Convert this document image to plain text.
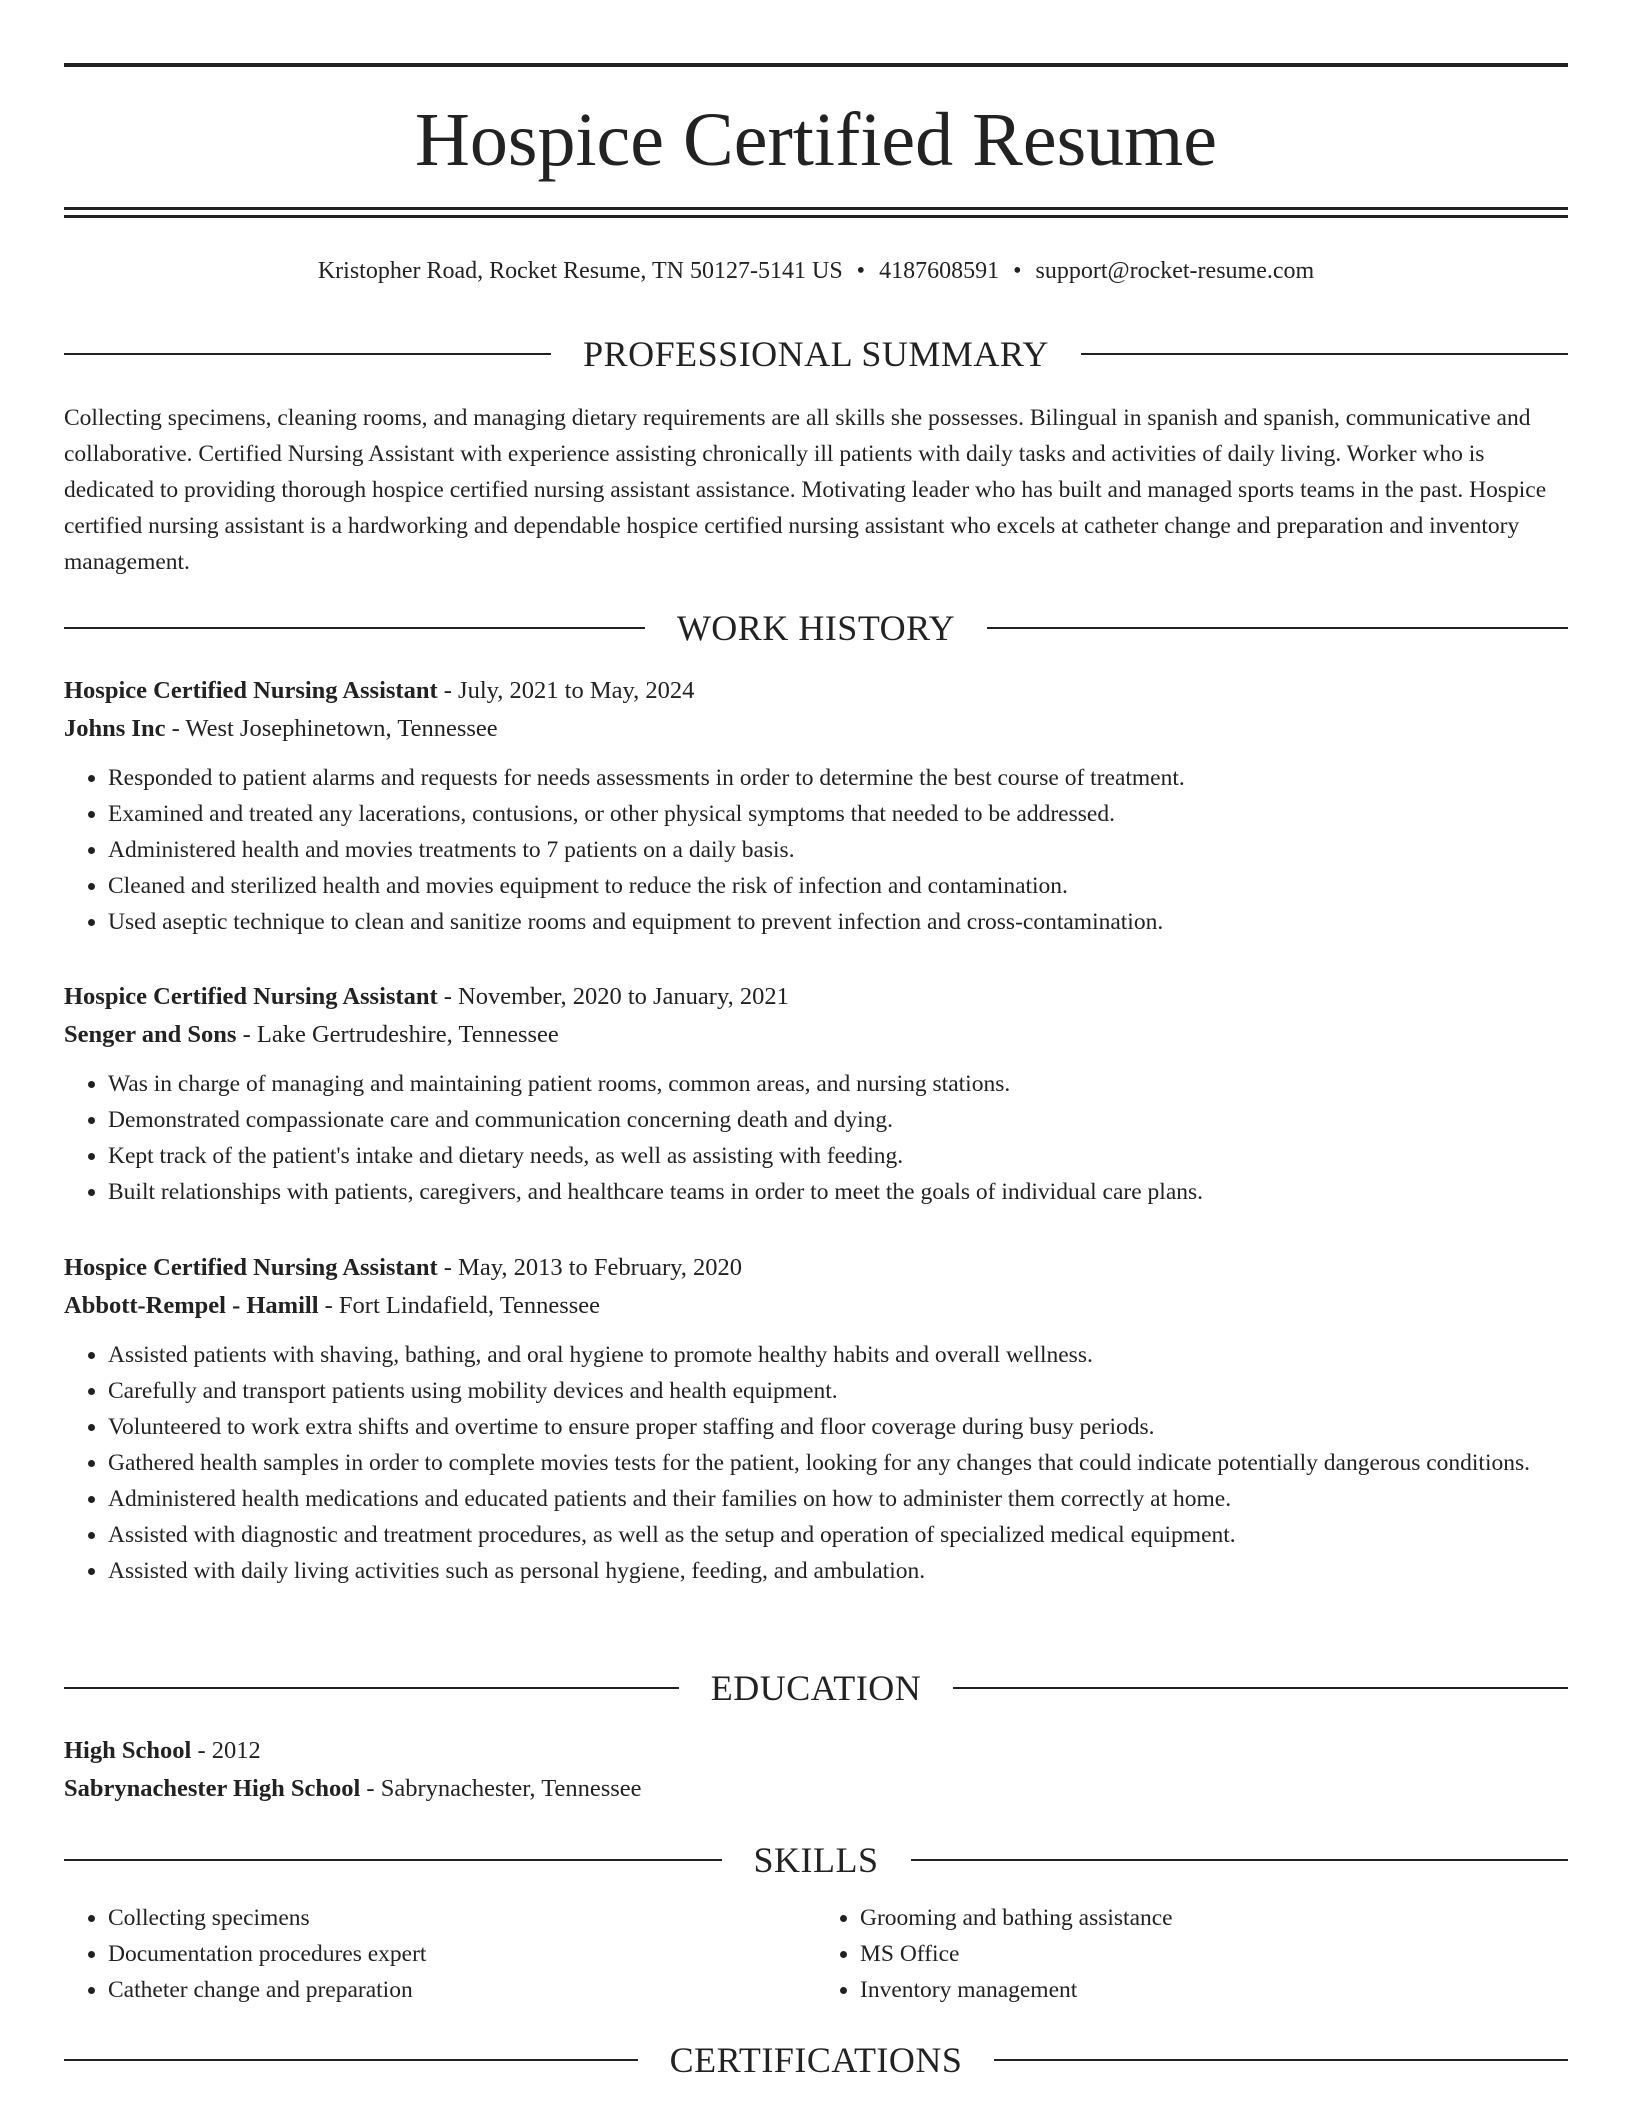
Hospice Certified Resume
Kristopher Road, Rocket Resume, TN 50127-5141 US • 4187608591 • support@rocket-resume.com
PROFESSIONAL SUMMARY

Collecting specimens, cleaning rooms, and managing dietary requirements are all skills she possesses. Bilingual in spanish and spanish, communicative and collaborative. Certified Nursing Assistant with experience assisting chronically ill patients with daily tasks and activities of daily living. Worker who is dedicated to providing thorough hospice certified nursing assistant assistance. Motivating leader who has built and managed sports teams in the past. Hospice certified nursing assistant is a hardworking and dependable hospice certified nursing assistant who excels at catheter change and preparation and inventory management.

WORK HISTORY
Hospice Certified Nursing Assistant - July, 2021 to May, 2024
Johns Inc - West Josephinetown, Tennessee
• Responded to patient alarms and requests for needs assessments in order to determine the best course of treatment.
• Examined and treated any lacerations, contusions, or other physical symptoms that needed to be addressed.
• Administered health and movies treatments to 7 patients on a daily basis.
• Cleaned and sterilized health and movies equipment to reduce the risk of infection and contamination.
• Used aseptic technique to clean and sanitize rooms and equipment to prevent infection and cross-contamination.
Hospice Certified Nursing Assistant - November, 2020 to January, 2021
Senger and Sons - Lake Gertrudeshire, Tennessee
• Was in charge of managing and maintaining patient rooms, common areas, and nursing stations.
• Demonstrated compassionate care and communication concerning death and dying.
• Kept track of the patient's intake and dietary needs, as well as assisting with feeding.
• Built relationships with patients, caregivers, and healthcare teams in order to meet the goals of individual care plans.
Hospice Certified Nursing Assistant - May, 2013 to February, 2020
Abbott-Rempel - Hamill - Fort Lindafield, Tennessee
• Assisted patients with shaving, bathing, and oral hygiene to promote healthy habits and overall wellness.
• Carefully and transport patients using mobility devices and health equipment.
• Volunteered to work extra shifts and overtime to ensure proper staffing and floor coverage during busy periods.
• Gathered health samples in order to complete movies tests for the patient, looking for any changes that could indicate potentially dangerous conditions.
• Administered health medications and educated patients and their families on how to administer them correctly at home.
• Assisted with diagnostic and treatment procedures, as well as the setup and operation of specialized medical equipment.
• Assisted with daily living activities such as personal hygiene, feeding, and ambulation.
EDUCATION
High School - 2012
Sabrynachester High School - Sabrynachester, Tennessee
SKILLS
• Collecting specimens
• Documentation procedures expert
• Catheter change and preparation
• Grooming and bathing assistance
• MS Office
• Inventory management
CERTIFICATIONS
